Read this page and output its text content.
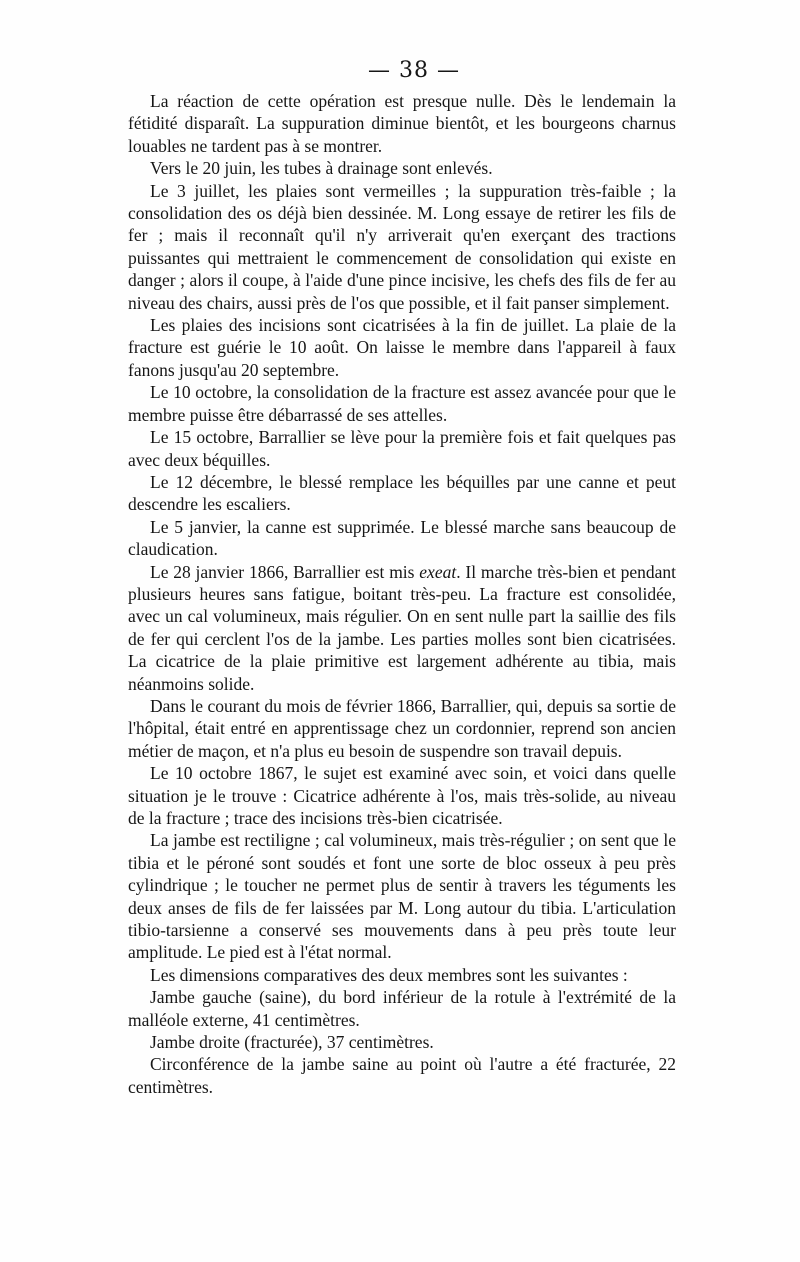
— 38 —

La réaction de cette opération est presque nulle. Dès le lendemain la fétidité disparaît. La suppuration diminue bientôt, et les bourgeons charnus louables ne tardent pas à se montrer.

Vers le 20 juin, les tubes à drainage sont enlevés.

Le 3 juillet, les plaies sont vermeilles ; la suppuration très-faible ; la consolidation des os déjà bien dessinée. M. Long essaye de retirer les fils de fer ; mais il reconnaît qu'il n'y arriverait qu'en exerçant des tractions puissantes qui mettraient le commencement de consolidation qui existe en danger ; alors il coupe, à l'aide d'une pince incisive, les chefs des fils de fer au niveau des chairs, aussi près de l'os que possible, et il fait panser simplement.

Les plaies des incisions sont cicatrisées à la fin de juillet. La plaie de la fracture est guérie le 10 août. On laisse le membre dans l'appareil à faux fanons jusqu'au 20 septembre.

Le 10 octobre, la consolidation de la fracture est assez avancée pour que le membre puisse être débarrassé de ses attelles.

Le 15 octobre, Barrallier se lève pour la première fois et fait quelques pas avec deux béquilles.

Le 12 décembre, le blessé remplace les béquilles par une canne et peut descendre les escaliers.

Le 5 janvier, la canne est supprimée. Le blessé marche sans beaucoup de claudication.

Le 28 janvier 1866, Barrallier est mis exeat. Il marche très-bien et pendant plusieurs heures sans fatigue, boitant très-peu. La fracture est consolidée, avec un cal volumineux, mais régulier. On en sent nulle part la saillie des fils de fer qui cerclent l'os de la jambe. Les parties molles sont bien cicatrisées. La cicatrice de la plaie primitive est largement adhérente au tibia, mais néanmoins solide.

Dans le courant du mois de février 1866, Barrallier, qui, depuis sa sortie de l'hôpital, était entré en apprentissage chez un cordonnier, reprend son ancien métier de maçon, et n'a plus eu besoin de suspendre son travail depuis.

Le 10 octobre 1867, le sujet est examiné avec soin, et voici dans quelle situation je le trouve : Cicatrice adhérente à l'os, mais très-solide, au niveau de la fracture ; trace des incisions très-bien cicatrisée.

La jambe est rectiligne ; cal volumineux, mais très-régulier ; on sent que le tibia et le péroné sont soudés et font une sorte de bloc osseux à peu près cylindrique ; le toucher ne permet plus de sentir à travers les téguments les deux anses de fils de fer laissées par M. Long autour du tibia. L'articulation tibio-tarsienne a conservé ses mouvements dans à peu près toute leur amplitude. Le pied est à l'état normal.

Les dimensions comparatives des deux membres sont les suivantes :

Jambe gauche (saine), du bord inférieur de la rotule à l'extrémité de la malléole externe, 41 centimètres.

Jambe droite (fracturée), 37 centimètres.

Circonférence de la jambe saine au point où l'autre a été fracturée, 22 centimètres.
